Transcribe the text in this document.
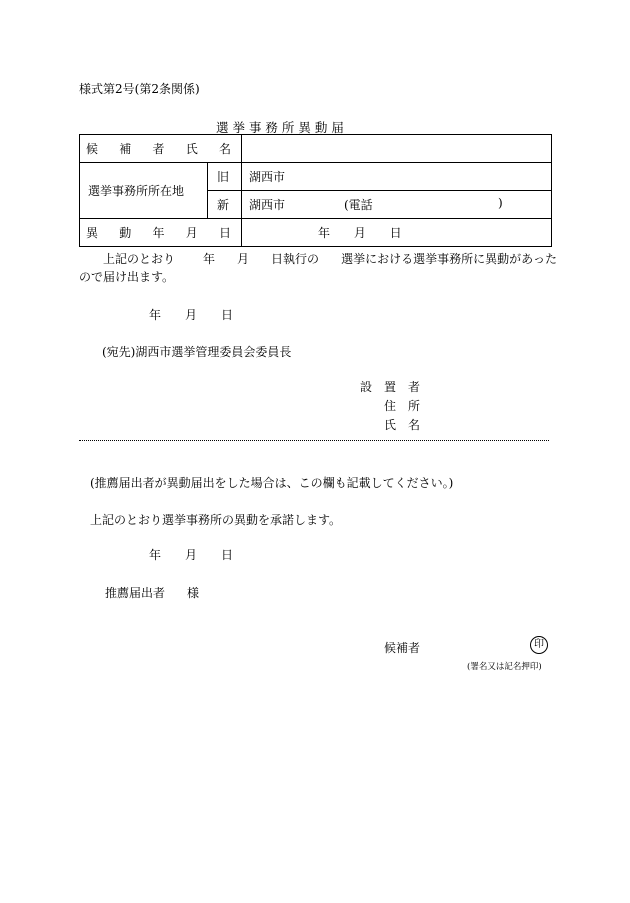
様式第2号(第2条関係)
選 挙 事 務 所 異 動 届
候 補 者 氏 名		

選挙事務所所在地	旧	湖西市
	新	湖西市 (電話 )

異 動 年 月 日		年 月 日
上記のとおり 年 月 日執行の 選挙における選挙事務所に異動があった
ので届け出ます。
年 月 日
(宛先)湖西市選挙管理委員会委員長
設 置 者
住 所
氏 名
(推薦届出者が異動届出をした場合は、この欄も記載してください。)
上記のとおり選挙事務所の異動を承諾します。
年 月 日
推薦届出者 様
候補者	印
(署名又は記名押印)
